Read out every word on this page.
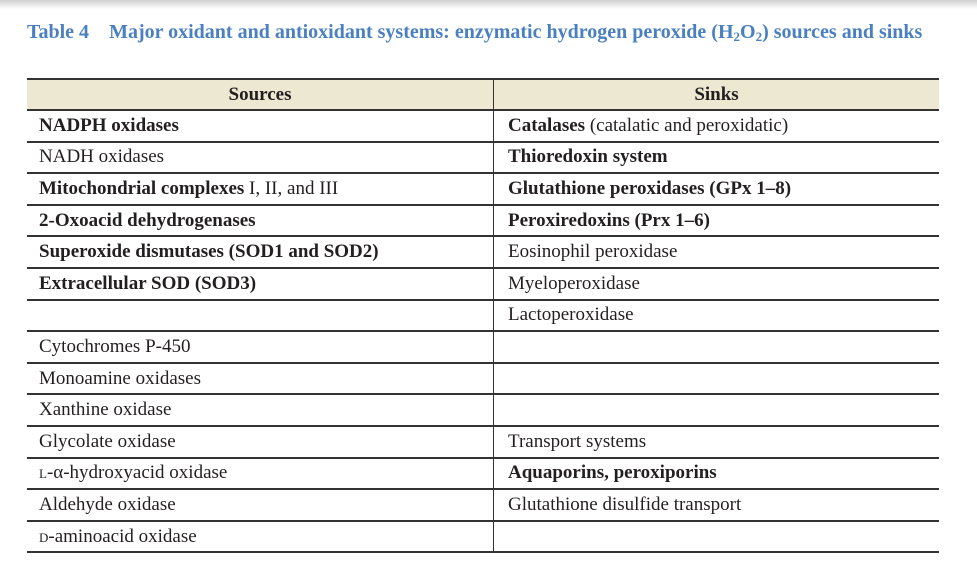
Table 4 Major oxidant and antioxidant systems: enzymatic hydrogen peroxide $(H_2O_2)$ sources and sinks
Sources	Sinks
NADPH oxidases	Catalases (catalatic and peroxidatic)
NADH oxidases	Thioredoxin system
Mitochondrial complexes I, II, and III	Glutathione peroxidases (GPx 1–8)
2-Oxoacid dehydrogenases	Peroxiredoxins (Prx 1–6)
Superoxide dismutases (SOD1 and SOD2)	Eosinophil peroxidase
Extracellular SOD (SOD3)	Myeloperoxidase
	Lactoperoxidase
Cytochromes P-450	
Monoamine oxidases	
Xanthine oxidase	
Glycolate oxidase	Transport systems
l-α-hydroxyacid oxidase	Aquaporins, peroxiporins
Aldehyde oxidase	Glutathione disulfide transport
d-aminoacid oxidase	
